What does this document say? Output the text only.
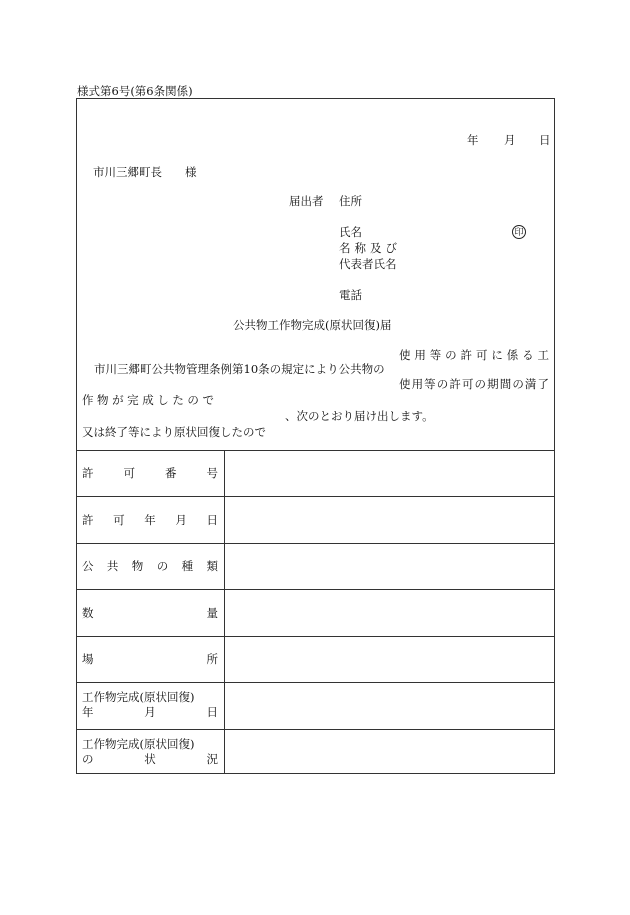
様式第6号(第6条関係)
年 月 日
市川三郷町長　　様
届出者 住所
氏名	印
名称及び
代表者氏名
電話
公共物工作物完成(原状回復)届
使用等の許可に係る工
市川三郷町公共物管理条例第10条の規定により公共物の
使用等の許可の期間の満了
作物が完成したので
、次のとおり届け出します。
又は終了等により原状回復したので
許可番号
許可年月日
公共物の種類
数量
場所
工作物完成(原状回復)
年月日
工作物完成(原状回復)
の状況
